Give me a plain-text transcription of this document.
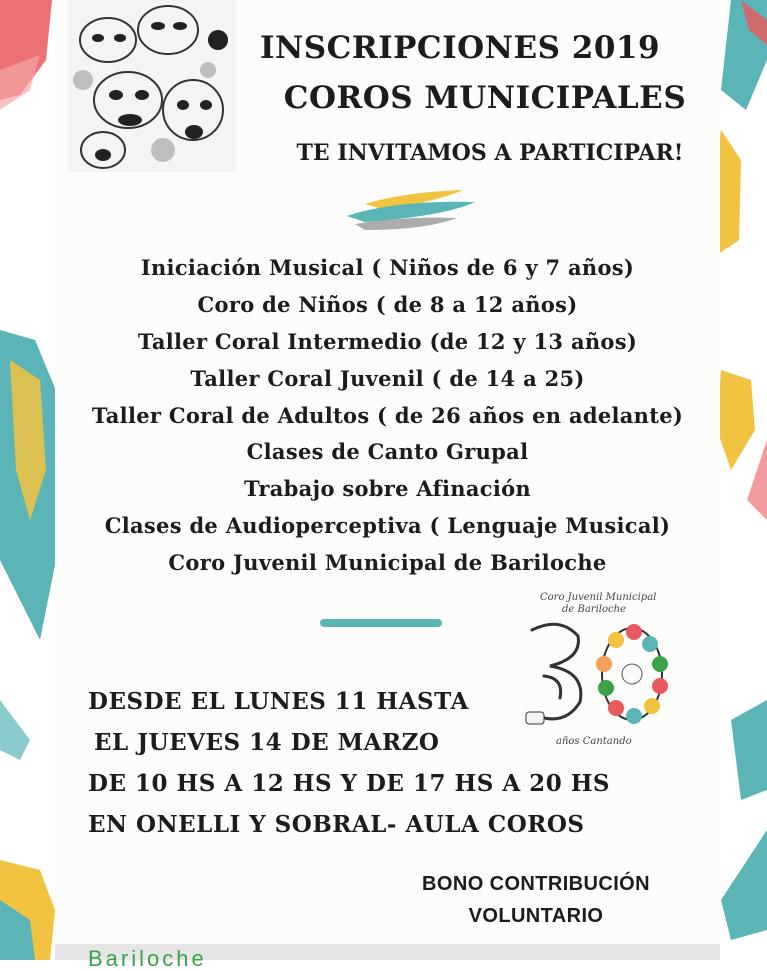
INSCRIPCIONES 2019
COROS MUNICIPALES
TE INVITAMOS A PARTICIPAR!
Iniciación Musical ( Niños de 6 y 7 años)
Coro de Niños ( de 8 a 12 años)
Taller Coral Intermedio (de 12 y 13 años)
Taller Coral Juvenil ( de 14 a 25)
Taller Coral de Adultos ( de 26 años en adelante)
Clases de Canto Grupal
Trabajo sobre Afinación
Clases de Audioperceptiva ( Lenguaje Musical)
Coro Juvenil Municipal de Bariloche
Coro Juvenil Municipal
de Bariloche
años Cantando
DESDE EL LUNES 11 HASTA
EL JUEVES 14 DE MARZO
DE 10 HS A 12 HS Y DE 17 HS A 20 HS
EN ONELLI Y SOBRAL- AULA COROS
BONO CONTRIBUCIÓN
VOLUNTARIO
Bariloche
